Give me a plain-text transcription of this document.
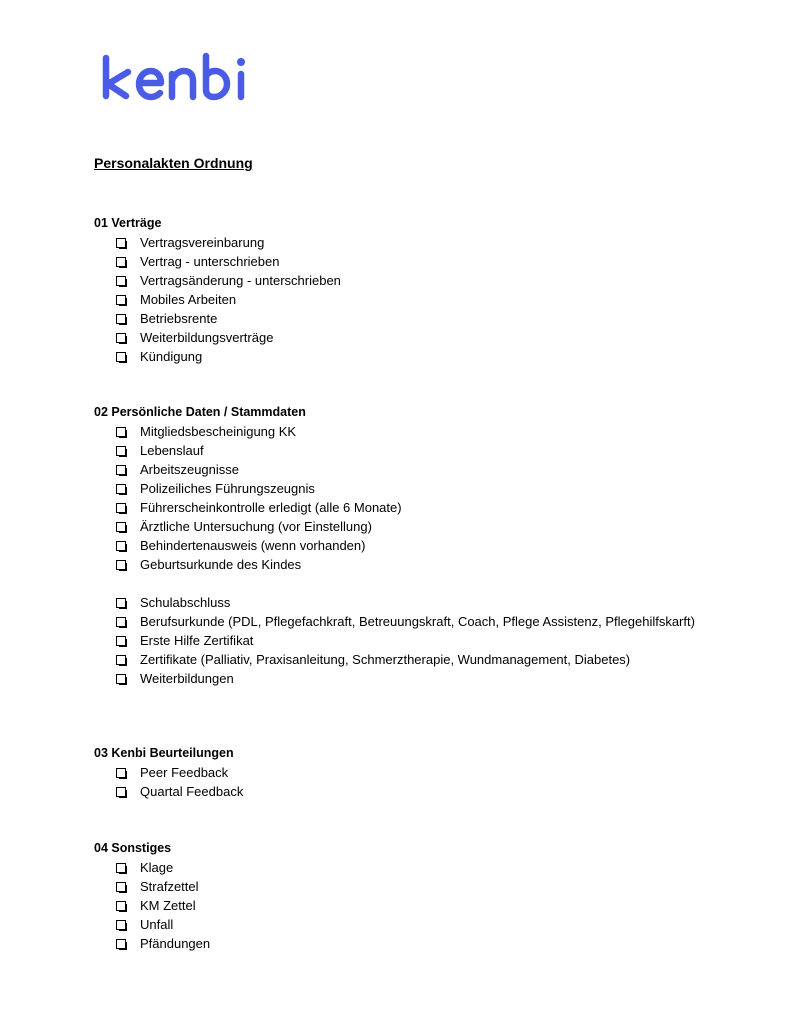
Personalakten Ordnung
01 Verträge
Vertragsvereinbarung
Vertrag - unterschrieben
Vertragsänderung - unterschrieben
Mobiles Arbeiten
Betriebsrente
Weiterbildungsverträge
Kündigung
02 Persönliche Daten / Stammdaten
Mitgliedsbescheinigung KK
Lebenslauf
Arbeitszeugnisse
Polizeiliches Führungszeugnis
Führerscheinkontrolle erledigt (alle 6 Monate)
Ärztliche Untersuchung (vor Einstellung)
Behindertenausweis (wenn vorhanden)
Geburtsurkunde des Kindes
Schulabschluss
Berufsurkunde (PDL, Pflegefachkraft, Betreuungskraft, Coach, Pflege Assistenz, Pflegehilfskarft)
Erste Hilfe Zertifikat
Zertifikate (Palliativ, Praxisanleitung, Schmerztherapie, Wundmanagement, Diabetes)
Weiterbildungen
03 Kenbi Beurteilungen
Peer Feedback
Quartal Feedback
04 Sonstiges
Klage
Strafzettel
KM Zettel
Unfall
Pfändungen
